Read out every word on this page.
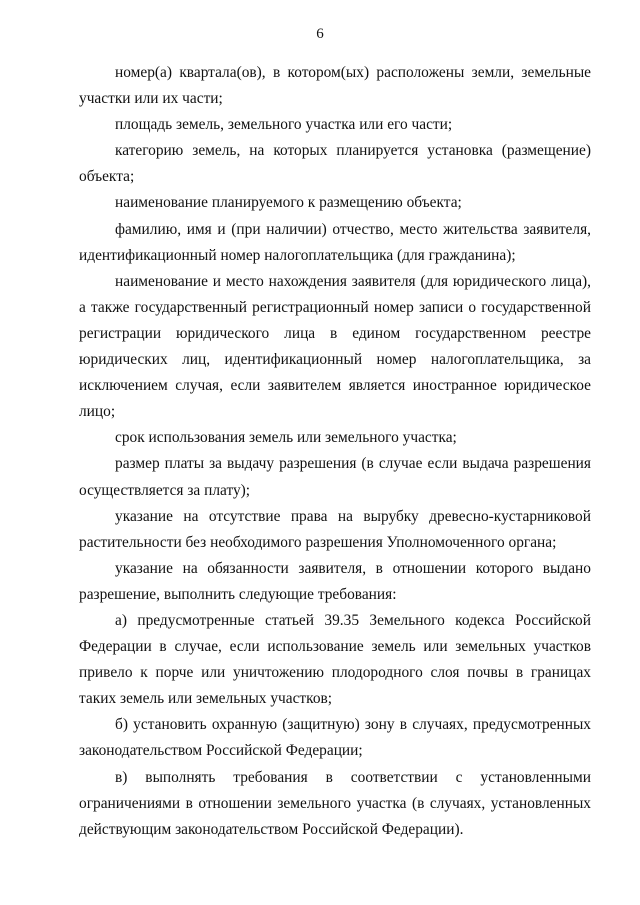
6

номер(а) квартала(ов), в котором(ых) расположены земли, земельные участки или их части;

площадь земель, земельного участка или его части;

категорию земель, на которых планируется установка (размещение) объекта;

наименование планируемого к размещению объекта;

фамилию, имя и (при наличии) отчество, место жительства заявителя, идентификационный номер налогоплательщика (для гражданина);

наименование и место нахождения заявителя (для юридического лица), а также государственный регистрационный номер записи о государственной регистрации юридического лица в едином государственном реестре юридических лиц, идентификационный номер налогоплательщика, за исключением случая, если заявителем является иностранное юридическое лицо;

срок использования земель или земельного участка;

размер платы за выдачу разрешения (в случае если выдача разрешения осуществляется за плату);

указание на отсутствие права на вырубку древесно-кустарниковой растительности без необходимого разрешения Уполномоченного органа;

указание на обязанности заявителя, в отношении которого выдано разрешение, выполнить следующие требования:

а) предусмотренные статьей 39.35 Земельного кодекса Российской Федерации в случае, если использование земель или земельных участков привело к порче или уничтожению плодородного слоя почвы в границах таких земель или земельных участков;

б) установить охранную (защитную) зону в случаях, предусмотренных законодательством Российской Федерации;

в) выполнять требования в соответствии с установленными ограничениями в отношении земельного участка (в случаях, установленных действующим законодательством Российской Федерации).
